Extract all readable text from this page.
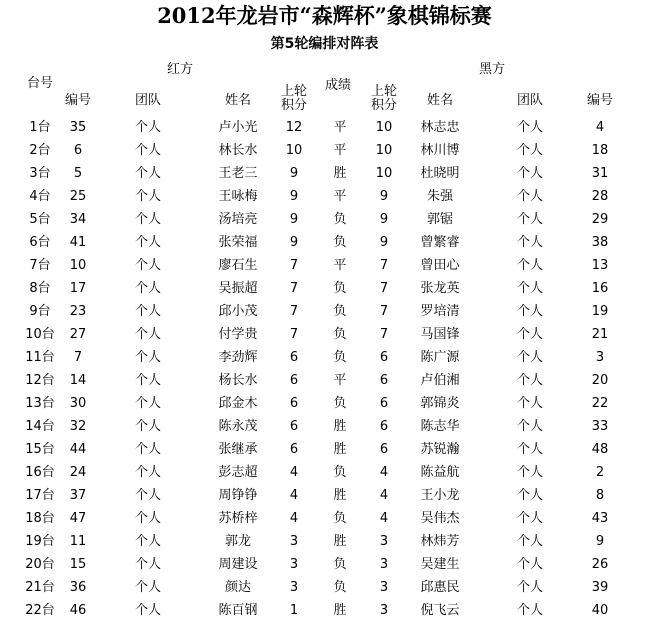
2012年龙岩市“森辉杯”象棋锦标赛
第5轮编排对阵表
台号
红方	黑方
成绩
编号	团队	姓名
上轮
积分
上轮
积分	姓名	团队	编号
1台	35	个人	卢小光	12	平	10	林志忠	个人	4
2台	6	个人	林长水	10	平	10	林川博	个人	18
3台	5	个人	王老三	9	胜	10	杜晓明	个人	31
4台	25	个人	王咏梅	9	平	9	朱强	个人	28
5台	34	个人	汤培亮	9	负	9	郭锯	个人	29
6台	41	个人	张荣福	9	负	9	曾繁睿	个人	38
7台	10	个人	廖石生	7	平	7	曾田心	个人	13
8台	17	个人	吴振超	7	负	7	张龙英	个人	16
9台	23	个人	邱小茂	7	负	7	罗培清	个人	19
10台	27	个人	付学贵	7	负	7	马国锋	个人	21
11台	7	个人	李劲辉	6	负	6	陈广源	个人	3
12台	14	个人	杨长水	6	平	6	卢伯湘	个人	20
13台	30	个人	邱金木	6	负	6	郭锦炎	个人	22
14台	32	个人	陈永茂	6	胜	6	陈志华	个人	33
15台	44	个人	张继承	6	胜	6	苏锐瀚	个人	48
16台	24	个人	彭志超	4	负	4	陈益航	个人	2
17台	37	个人	周铮铮	4	胜	4	王小龙	个人	8
18台	47	个人	苏桥梓	4	负	4	吴伟杰	个人	43
19台	11	个人	郭龙	3	胜	3	林炜芳	个人	9
20台	15	个人	周建设	3	负	3	吴建生	个人	26
21台	36	个人	颜达	3	负	3	邱惠民	个人	39
22台	46	个人	陈百钢	1	胜	3	倪飞云	个人	40
